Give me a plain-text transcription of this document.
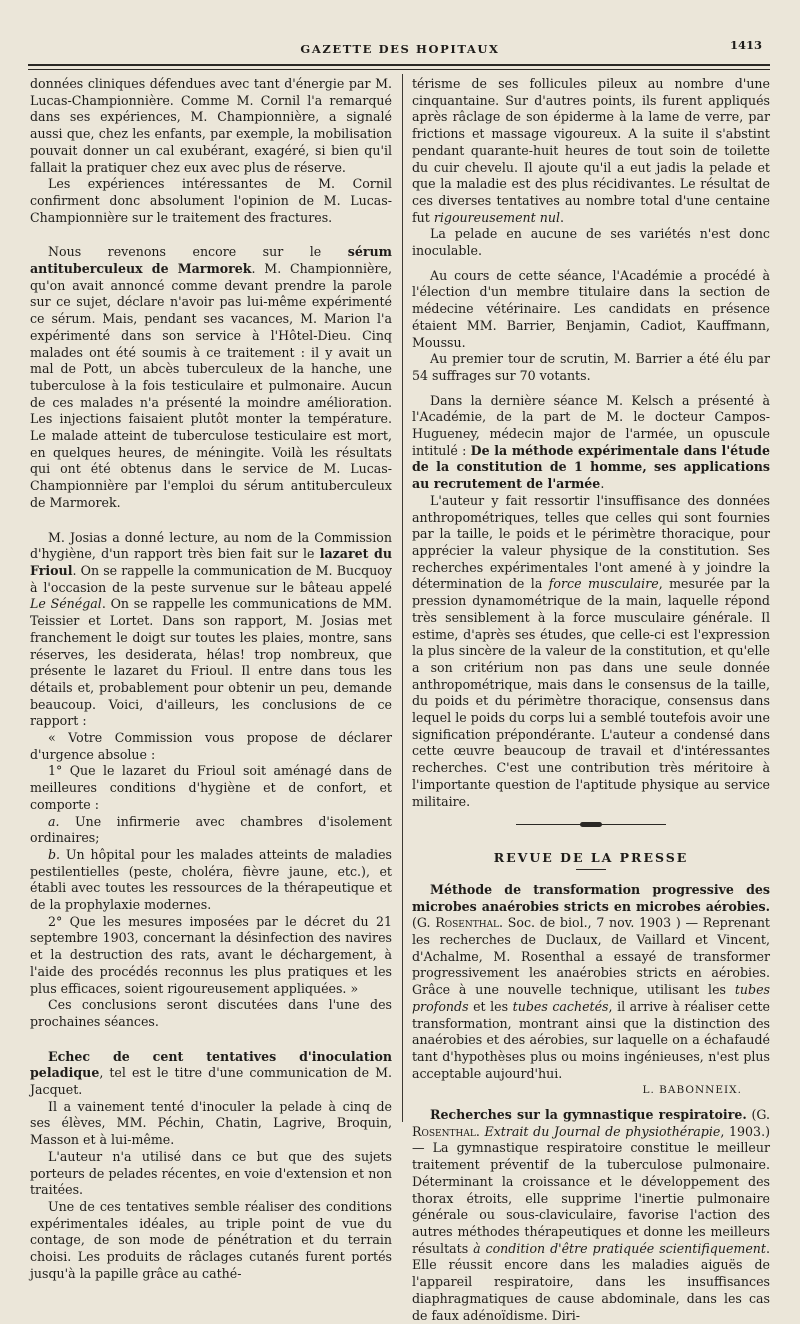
GAZETTE DES HOPITAUX	1413

données cliniques défendues avec tant d'énergie par M. Lucas-Championnière. Comme M. Cornil l'a remarqué dans ses expériences, M. Championnière, a signalé aussi que, chez les enfants, par exemple, la mobilisation pouvait donner un cal exubérant, exagéré, si bien qu'il fallait la pratiquer chez eux avec plus de réserve.

Les expériences intéressantes de M. Cornil confirment donc absolument l'opinion de M. Lucas-Championnière sur le traitement des fractures.

Nous revenons encore sur le sérum antituberculeux de Marmorek. M. Championnière, qu'on avait annoncé comme devant prendre la parole sur ce sujet, déclare n'avoir pas lui-même expérimenté ce sérum. Mais, pendant ses vacances, M. Marion l'a expérimenté dans son service à l'Hôtel-Dieu. Cinq malades ont été soumis à ce traitement : il y avait un mal de Pott, un abcès tuberculeux de la hanche, une tuberculose à la fois testiculaire et pulmonaire. Aucun de ces malades n'a présenté la moindre amélioration. Les injections faisaient plutôt monter la température. Le malade atteint de tuberculose testiculaire est mort, en quelques heures, de méningite. Voilà les résultats qui ont été obtenus dans le service de M. Lucas-Championnière par l'emploi du sérum antituberculeux de Marmorek.

M. Josias a donné lecture, au nom de la Commission d'hygiène, d'un rapport très bien fait sur le lazaret du Frioul. On se rappelle la communication de M. Bucquoy à l'occasion de la peste survenue sur le bâteau appelé Le Sénégal. On se rappelle les communications de MM. Teissier et Lortet. Dans son rapport, M. Josias met franchement le doigt sur toutes les plaies, montre, sans réserves, les desiderata, hélas! trop nombreux, que présente le lazaret du Frioul. Il entre dans tous les détails et, probablement pour obtenir un peu, demande beaucoup. Voici, d'ailleurs, les conclusions de ce rapport :

« Votre Commission vous propose de déclarer d'urgence absolue :

1° Que le lazaret du Frioul soit aménagé dans de meilleures conditions d'hygiène et de confort, et comporte :

a. Une infirmerie avec chambres d'isolement ordinaires;

b. Un hôpital pour les malades atteints de maladies pestilentielles (peste, choléra, fièvre jaune, etc.), et établi avec toutes les ressources de la thérapeutique et de la prophylaxie modernes.

2° Que les mesures imposées par le décret du 21 septembre 1903, concernant la désinfection des navires et la destruction des rats, avant le déchargement, à l'aide des procédés reconnus les plus pratiques et les plus efficaces, soient rigoureusement appliquées. »

Ces conclusions seront discutées dans l'une des prochaines séances.

Echec de cent tentatives d'inoculation peladique, tel est le titre d'une communication de M. Jacquet.

Il a vainement tenté d'inoculer la pelade à cinq de ses élèves, MM. Péchin, Chatin, Lagrive, Broquin, Masson et à lui-même.

L'auteur n'a utilisé dans ce but que des sujets porteurs de pelades récentes, en voie d'extension et non traitées.

Une de ces tentatives semble réaliser des conditions expérimentales idéales, au triple point de vue du contage, de son mode de pénétration et du terrain choisi. Les produits de râclages cutanés furent portés jusqu'à la papille grâce au cathé-

térisme de ses follicules pileux au nombre d'une cinquantaine. Sur d'autres points, ils furent appliqués après râclage de son épiderme à la lame de verre, par frictions et massage vigoureux. A la suite il s'abstint pendant quarante-huit heures de tout soin de toilette du cuir chevelu. Il ajoute qu'il a eut jadis la pelade et que la maladie est des plus récidivantes. Le résultat de ces diverses tentatives au nombre total d'une centaine fut rigoureusement nul.

La pelade en aucune de ses variétés n'est donc inoculable.

Au cours de cette séance, l'Académie a procédé à l'élection d'un membre titulaire dans la section de médecine vétérinaire. Les candidats en présence étaient MM. Barrier, Benjamin, Cadiot, Kauffmann, Moussu.

Au premier tour de scrutin, M. Barrier a été élu par 54 suffrages sur 70 votants.

Dans la dernière séance M. Kelsch a présenté à l'Académie, de la part de M. le docteur Campos-Hugueney, médecin major de l'armée, un opuscule intitulé : De la méthode expérimentale dans l'étude de la constitution de 1 homme, ses applications au recrutement de l'armée.

L'auteur y fait ressortir l'insuffisance des données anthropométriques, telles que celles qui sont fournies par la taille, le poids et le périmètre thoracique, pour apprécier la valeur physique de la constitution. Ses recherches expérimentales l'ont amené à y joindre la détermination de la force musculaire, mesurée par la pression dynamométrique de la main, laquelle répond très sensiblement à la force musculaire générale. Il estime, d'après ses études, que celle-ci est l'expression la plus sincère de la valeur de la constitution, et qu'elle a son critérium non pas dans une seule donnée anthropométrique, mais dans le consensus de la taille, du poids et du périmètre thoracique, consensus dans lequel le poids du corps lui a semblé toutefois avoir une signification prépondérante. L'auteur a condensé dans cette œuvre beaucoup de travail et d'intéressantes recherches. C'est une contribution très méritoire à l'importante question de l'aptitude physique au service militaire.

REVUE DE LA PRESSE

Méthode de transformation progressive des microbes anaérobies stricts en microbes aérobies. (G. Rosenthal. Soc. de biol., 7 nov. 1903 ) — Reprenant les recherches de Duclaux, de Vaillard et Vincent, d'Achalme, M. Rosenthal a essayé de transformer progressivement les anaérobies stricts en aérobies. Grâce à une nouvelle technique, utilisant les tubes profonds et les tubes cachetés, il arrive à réaliser cette transformation, montrant ainsi que la distinction des anaérobies et des aérobies, sur laquelle on a échafaudé tant d'hypothèses plus ou moins ingénieuses, n'est plus acceptable aujourd'hui.

L. BABONNEIX.

Recherches sur la gymnastique respiratoire. (G. Rosenthal. Extrait du Journal de physiothérapie, 1903.) — La gymnastique respiratoire constitue le meilleur traitement préventif de la tuberculose pulmonaire. Déterminant la croissance et le développement des thorax étroits, elle supprime l'inertie pulmonaire générale ou sous-claviculaire, favorise l'action des autres méthodes thérapeutiques et donne les meilleurs résultats à condition d'être pratiquée scientifiquement. Elle réussit encore dans les maladies aiguës de l'appareil respiratoire, dans les insuffisances diaphragmatiques de cause abdominale, dans les cas de faux adénoïdisme. Diri-
